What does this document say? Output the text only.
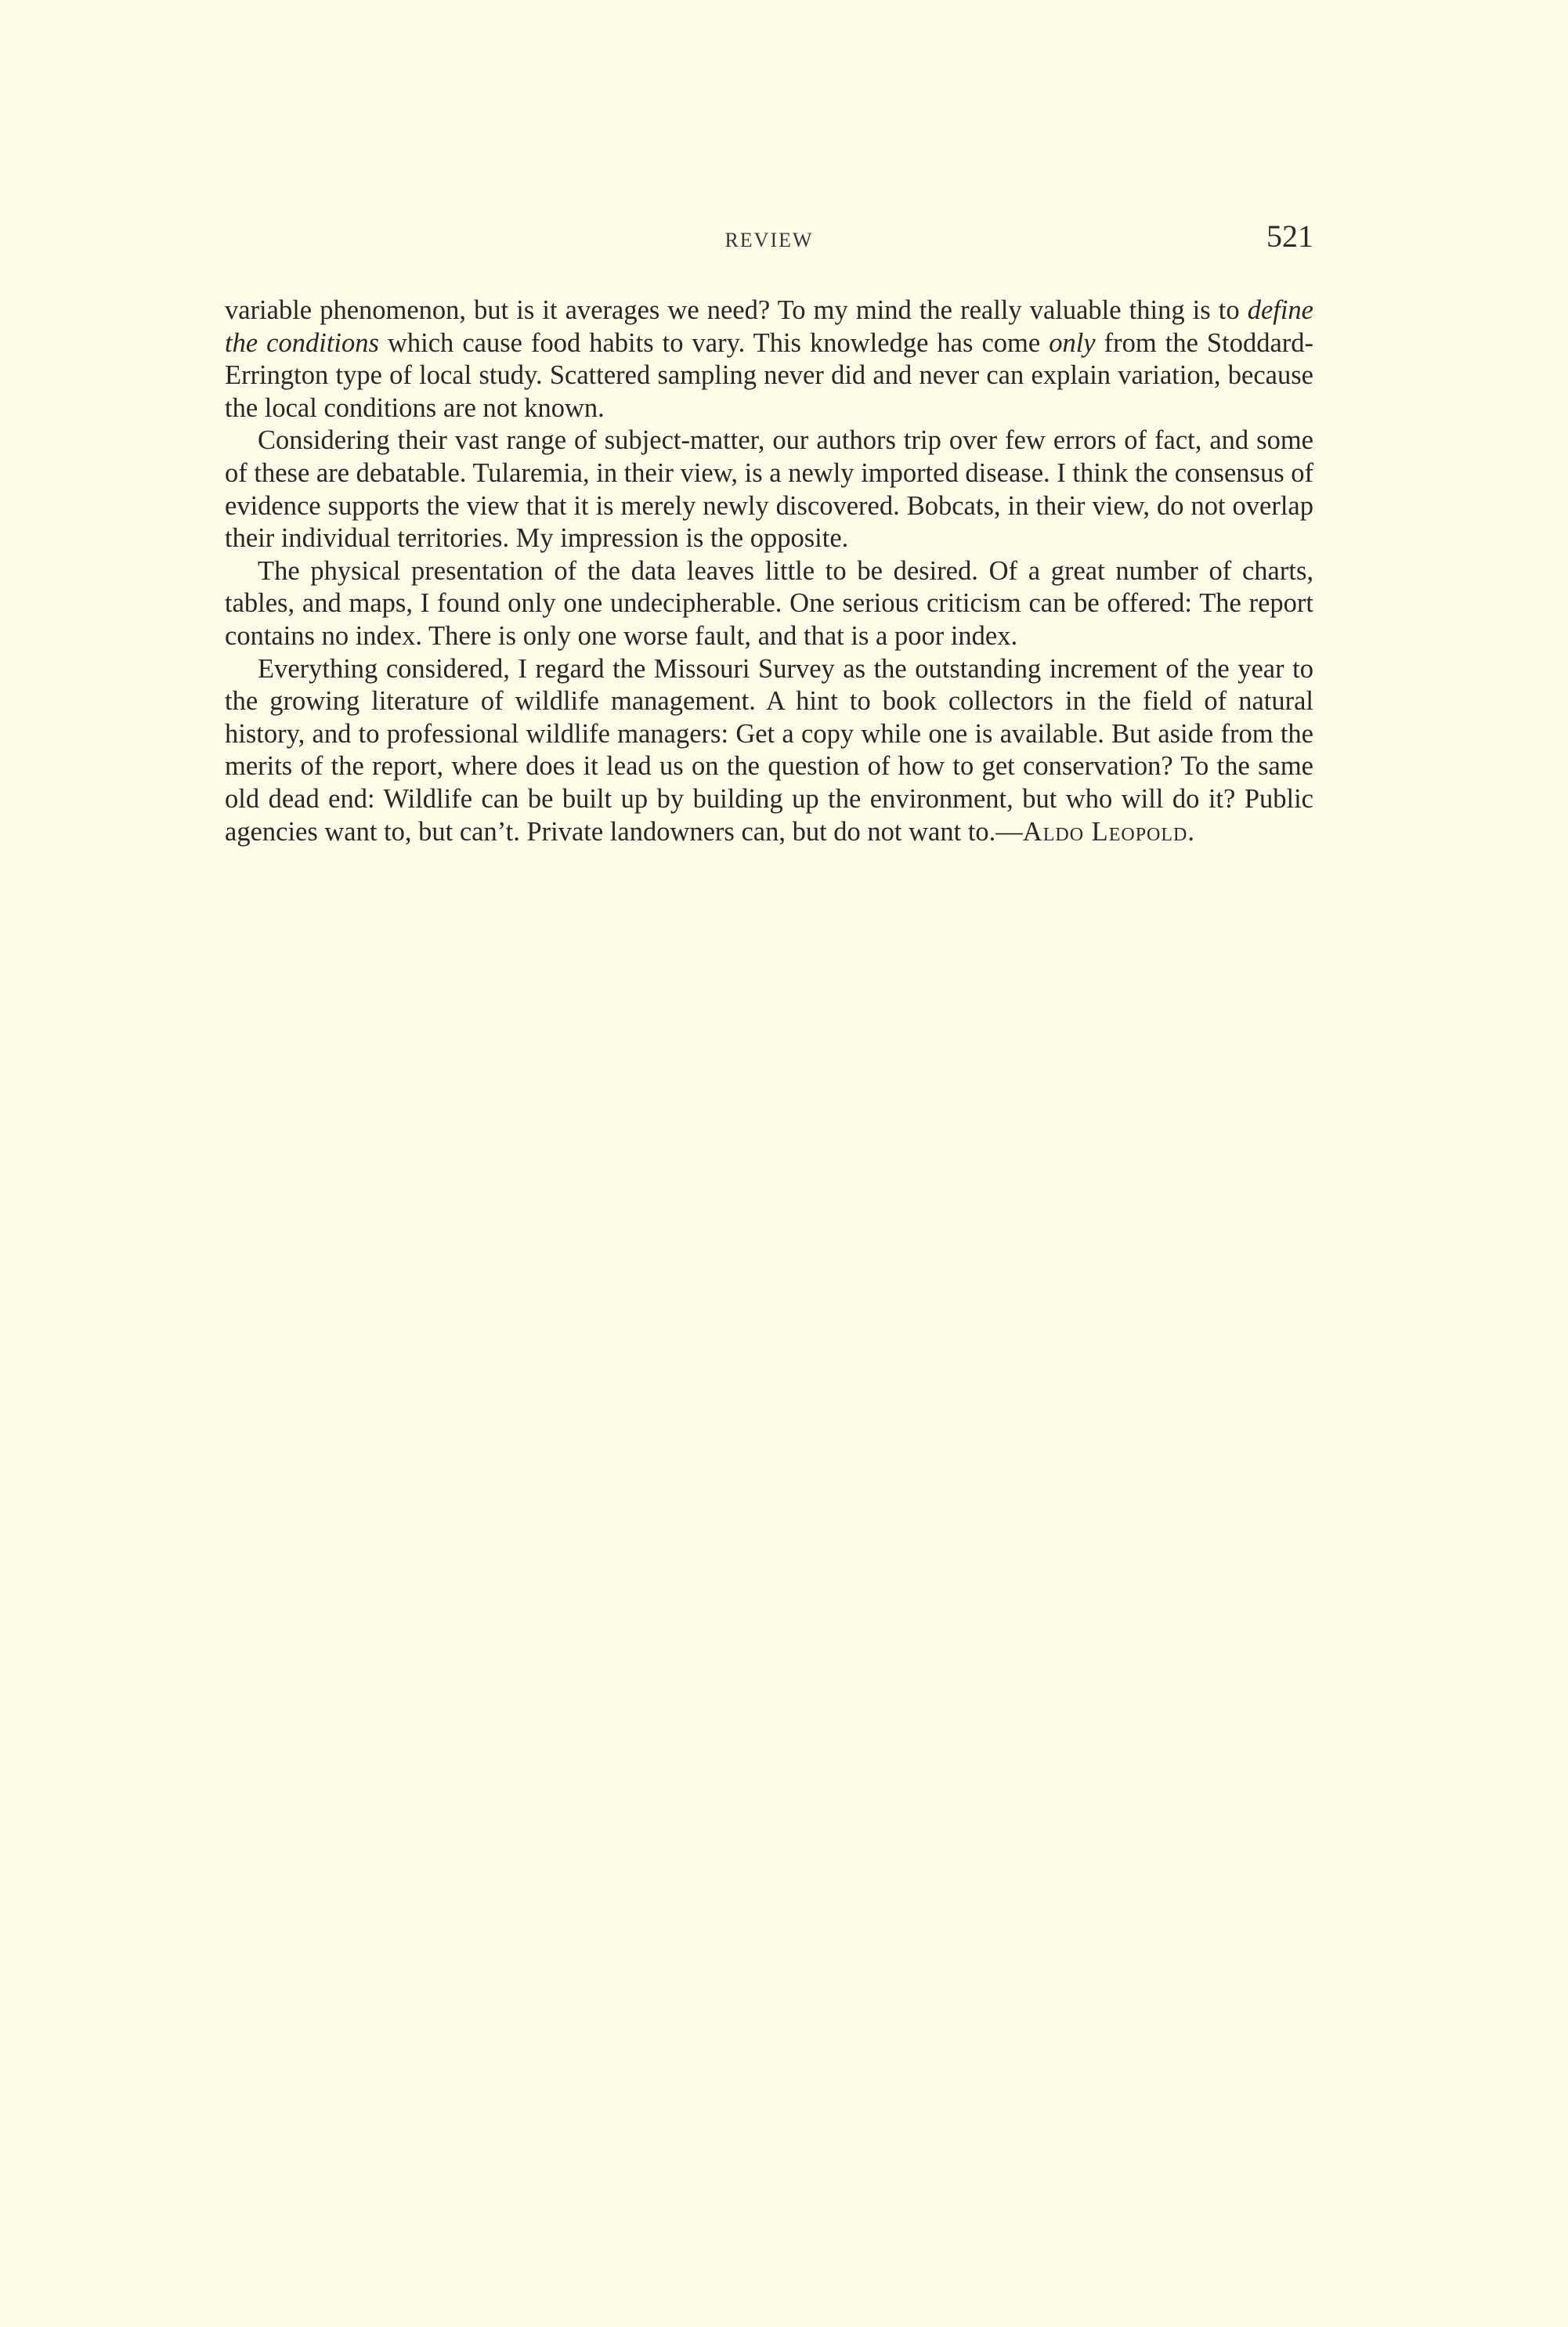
REVIEW	521

variable phenomenon, but is it averages we need? To my mind the really valuable thing is to define the conditions which cause food habits to vary. This knowledge has come only from the Stoddard-Errington type of local study. Scattered sampling never did and never can explain variation, because the local conditions are not known.

Considering their vast range of subject-matter, our authors trip over few errors of fact, and some of these are debatable. Tularemia, in their view, is a newly imported disease. I think the consensus of evidence supports the view that it is merely newly discovered. Bobcats, in their view, do not overlap their individual territories. My impression is the opposite.

The physical presentation of the data leaves little to be desired. Of a great number of charts, tables, and maps, I found only one undecipherable. One serious criticism can be offered: The report contains no index. There is only one worse fault, and that is a poor index.

Everything considered, I regard the Missouri Survey as the outstanding increment of the year to the growing literature of wildlife management. A hint to book collectors in the field of natural history, and to professional wildlife managers: Get a copy while one is available. But aside from the merits of the report, where does it lead us on the question of how to get conservation? To the same old dead end: Wildlife can be built up by building up the environment, but who will do it? Public agencies want to, but can’t. Private landowners can, but do not want to.—Aldo Leopold.
